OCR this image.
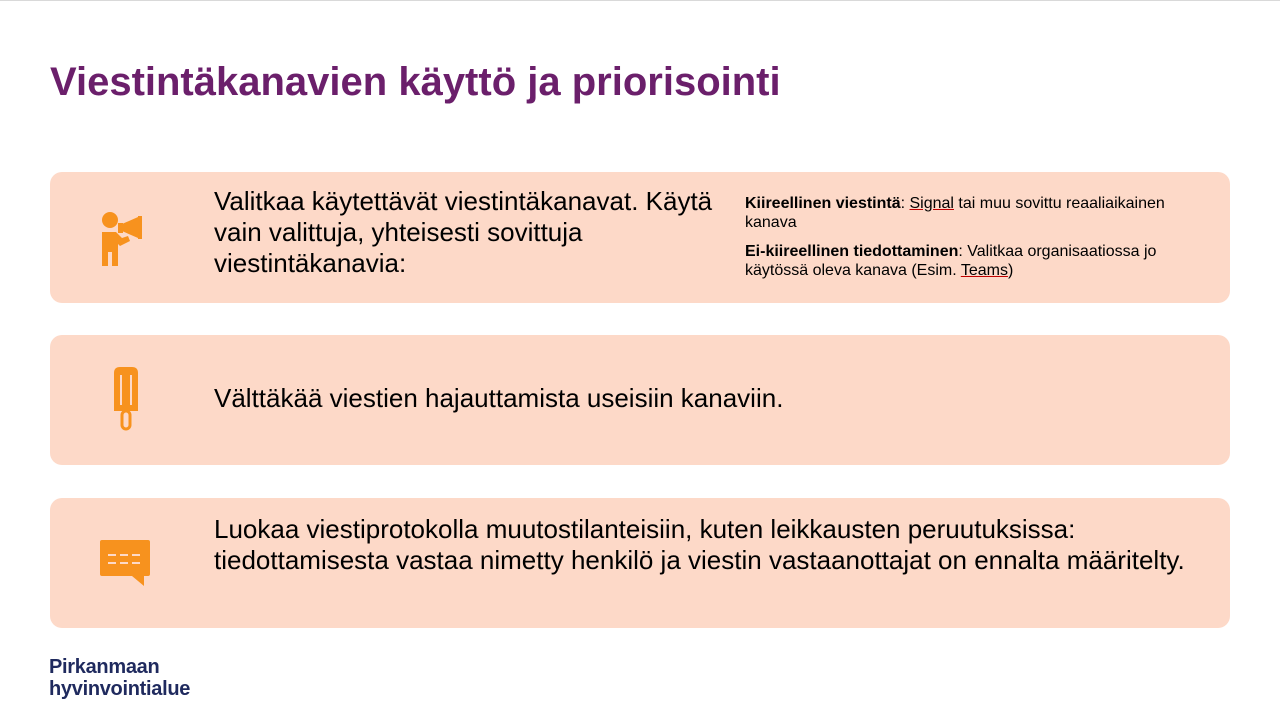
Viestintäkanavien käyttö ja priorisointi

Valitkaa käytettävät viestintäkanavat. Käytä vain valittuja, yhteisesti sovittuja viestintäkanavia:

Kiireellinen viestintä: Signal tai muu sovittu reaaliaikainen kanava

Ei-kiireellinen tiedottaminen: Valitkaa organisaatiossa jo käytössä oleva kanava (Esim. Teams)

Välttäkää viestien hajauttamista useisiin kanaviin.

Luokaa viestiprotokolla muutostilanteisiin, kuten leikkausten peruutuksissa: tiedottamisesta vastaa nimetty henkilö ja viestin vastaanottajat on ennalta määritelty.

Pirkanmaan
hyvinvointialue
